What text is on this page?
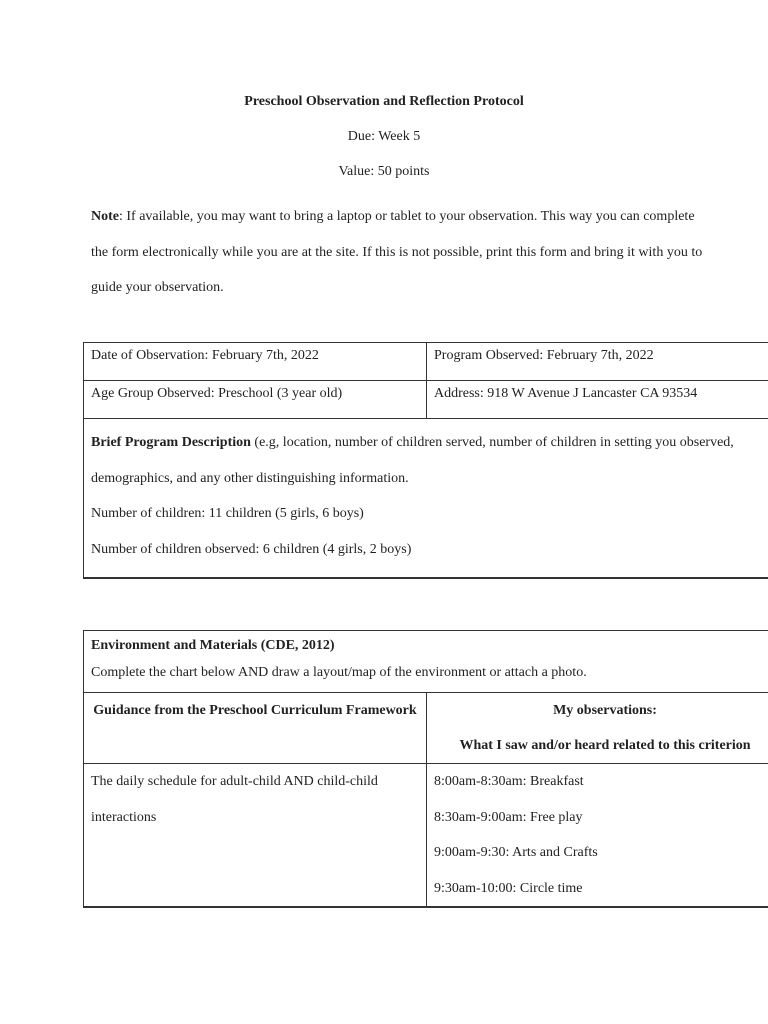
Preschool Observation and Reflection Protocol
Due: Week 5
Value: 50 points
Note: If available, you may want to bring a laptop or tablet to your observation. This way you can complete the form electronically while you are at the site. If this is not possible, print this form and bring it with you to guide your observation.
Date of Observation: February 7th, 2022	Program Observed: February 7th, 2022
Age Group Observed: Preschool (3 year old)	Address: 918 W Avenue J Lancaster CA 93534
Brief Program Description (e.g, location, number of children served, number of children in setting you observed, demographics, and any other distinguishing information.
Number of children: 11 children (5 girls, 6 boys)
Number of children observed: 6 children (4 girls, 2 boys)	
Environment and Materials (CDE, 2012)	
Complete the chart below AND draw a layout/map of the environment or attach a photo.	
Guidance from the Preschool Curriculum Framework	My observations:
What I saw and/or heard related to this criterion
The daily schedule for adult-child AND child-child interactions	8:00am-8:30am: Breakfast
8:30am-9:00am: Free play
9:00am-9:30: Arts and Crafts
9:30am-10:00: Circle time
